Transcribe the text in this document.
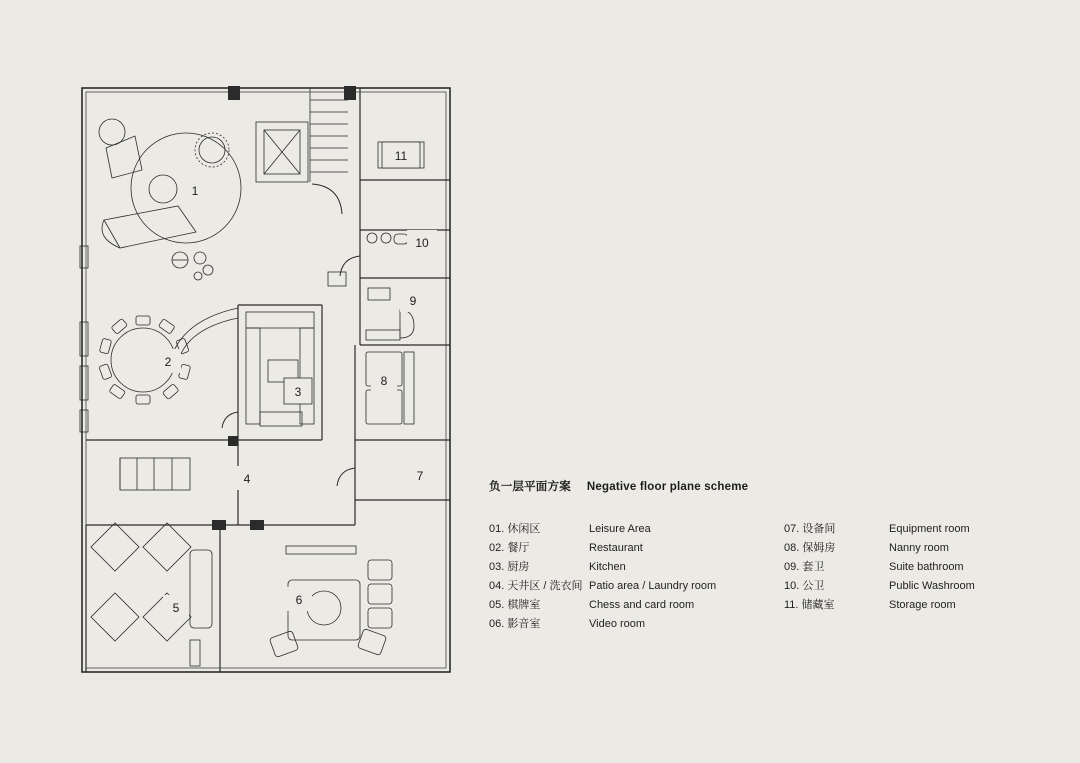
1
2
3
4
5
6
7
8
9
10
11
负一层平面方案 Negative floor plane scheme
01. 休闲区	Leisure Area
02. 餐厅	Restaurant
03. 厨房	Kitchen
04. 天井区 / 洗衣间 Patio area / Laundry room
05. 棋牌室	Chess and card room
06. 影音室	Video room
07. 设备间	Equipment room
08. 保姆房	Nanny room
09. 套卫	Suite bathroom
10. 公卫	Public Washroom
11. 储藏室	Storage room
